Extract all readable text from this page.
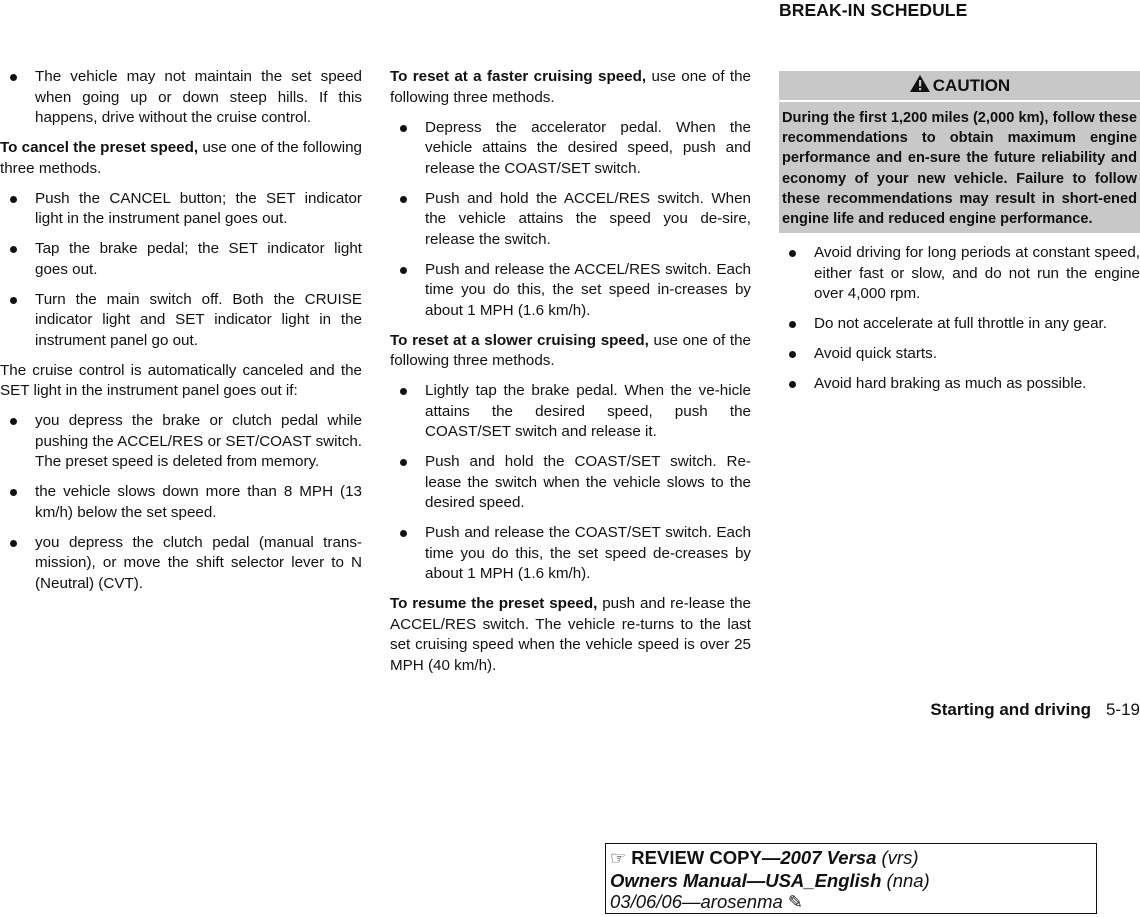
BREAK-IN SCHEDULE
The vehicle may not maintain the set speed when going up or down steep hills. If this happens, drive without the cruise control.

To cancel the preset speed, use one of the following three methods.

Push the CANCEL button; the SET indicator light in the instrument panel goes out.
Tap the brake pedal; the SET indicator light goes out.
Turn the main switch off. Both the CRUISE indicator light and SET indicator light in the instrument panel go out.

The cruise control is automatically canceled and the SET light in the instrument panel goes out if:

you depress the brake or clutch pedal while pushing the ACCEL/RES or SET/COAST switch. The preset speed is deleted from memory.
the vehicle slows down more than 8 MPH (13 km/h) below the set speed.
you depress the clutch pedal (manual trans-mission), or move the shift selector lever to N (Neutral) (CVT).

To reset at a faster cruising speed, use one of the following three methods.

Depress the accelerator pedal. When the vehicle attains the desired speed, push and release the COAST/SET switch.
Push and hold the ACCEL/RES switch. When the vehicle attains the speed you de-sire, release the switch.
Push and release the ACCEL/RES switch. Each time you do this, the set speed in-creases by about 1 MPH (1.6 km/h).

To reset at a slower cruising speed, use one of the following three methods.

Lightly tap the brake pedal. When the ve-hicle attains the desired speed, push the COAST/SET switch and release it.
Push and hold the COAST/SET switch. Re-lease the switch when the vehicle slows to the desired speed.
Push and release the COAST/SET switch. Each time you do this, the set speed de-creases by about 1 MPH (1.6 km/h).

To resume the preset speed, push and re-lease the ACCEL/RES switch. The vehicle re-turns to the last set cruising speed when the vehicle speed is over 25 MPH (40 km/h).

CAUTION
During the first 1,200 miles (2,000 km), follow these recommendations to obtain maximum engine performance and en-sure the future reliability and economy of your new vehicle. Failure to follow these recommendations may result in short-ened engine life and reduced engine performance.
Avoid driving for long periods at constant speed, either fast or slow, and do not run the engine over 4,000 rpm.
Do not accelerate at full throttle in any gear.
Avoid quick starts.
Avoid hard braking as much as possible.
Starting and driving 5-19
☞ REVIEW COPY—2007 Versa (vrs)
Owners Manual—USA_English (nna)
03/06/06—arosenma ✎
